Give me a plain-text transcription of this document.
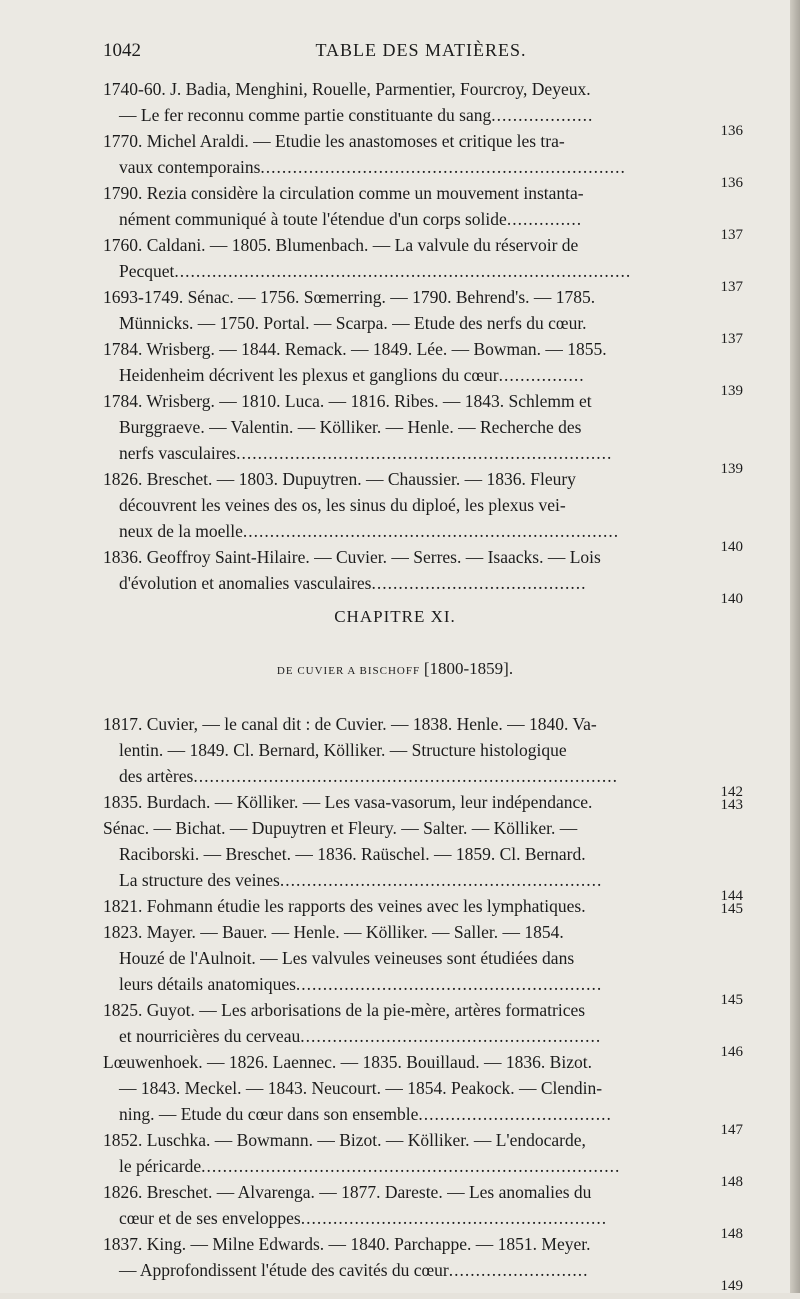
1042	TABLE DES MATIÈRES.
1740-60. J. Badia, Menghini, Rouelle, Parmentier, Fourcroy, Deyeux.
— Le fer reconnu comme partie constituante du sang...................
136
1770. Michel Araldi. — Etudie les anastomoses et critique les tra-
vaux contemporains....................................................................
136
1790. Rezia considère la circulation comme un mouvement instanta-
nément communiqué à toute l'étendue d'un corps solide..............
137
1760. Caldani. — 1805. Blumenbach. — La valvule du réservoir de
Pecquet.....................................................................................
137
1693-1749. Sénac. — 1756. Sœmerring. — 1790. Behrend's. — 1785.
Münnicks. — 1750. Portal. — Scarpa. — Etude des nerfs du cœur.
137
1784. Wrisberg. — 1844. Remack. — 1849. Lée. — Bowman. — 1855.
Heidenheim décrivent les plexus et ganglions du cœur................
139
1784. Wrisberg. — 1810. Luca. — 1816. Ribes. — 1843. Schlemm et
Burggraeve. — Valentin. — Kölliker. — Henle. — Recherche des
nerfs vasculaires......................................................................
139
1826. Breschet. — 1803. Dupuytren. — Chaussier. — 1836. Fleury
découvrent les veines des os, les sinus du diploé, les plexus vei-
neux de la moelle......................................................................
140
1836. Geoffroy Saint-Hilaire. — Cuvier. — Serres. — Isaacks. — Lois
d'évolution et anomalies vasculaires........................................
140
CHAPITRE XI.
DE CUVIER A BISCHOFF [1800-1859].
1817. Cuvier, — le canal dit : de Cuvier. — 1838. Henle. — 1840. Va-
lentin. — 1849. Cl. Bernard, Kölliker. — Structure histologique
des artères...............................................................................
142
1835. Burdach. — Kölliker. — Les vasa-vasorum, leur indépendance.	143
Sénac. — Bichat. — Dupuytren et Fleury. — Salter. — Kölliker. —
Raciborski. — Breschet. — 1836. Raüschel. — 1859. Cl. Bernard.
La structure des veines............................................................
144
1821. Fohmann étudie les rapports des veines avec les lymphatiques.	145
1823. Mayer. — Bauer. — Henle. — Kölliker. — Saller. — 1854.
Houzé de l'Aulnoit. — Les valvules veineuses sont étudiées dans
leurs détails anatomiques.........................................................
145
1825. Guyot. — Les arborisations de la pie-mère, artères formatrices
et nourricières du cerveau........................................................
146
Lœuwenhoek. — 1826. Laennec. — 1835. Bouillaud. — 1836. Bizot.
— 1843. Meckel. — 1843. Neucourt. — 1854. Peakock. — Clendin-
ning. — Etude du cœur dans son ensemble....................................
147
1852. Luschka. — Bowmann. — Bizot. — Kölliker. — L'endocarde,
le péricarde..............................................................................
148
1826. Breschet. — Alvarenga. — 1877. Dareste. — Les anomalies du
cœur et de ses enveloppes.........................................................
148
1837. King. — Milne Edwards. — 1840. Parchappe. — 1851. Meyer.
— Approfondissent l'étude des cavités du cœur..........................
149
